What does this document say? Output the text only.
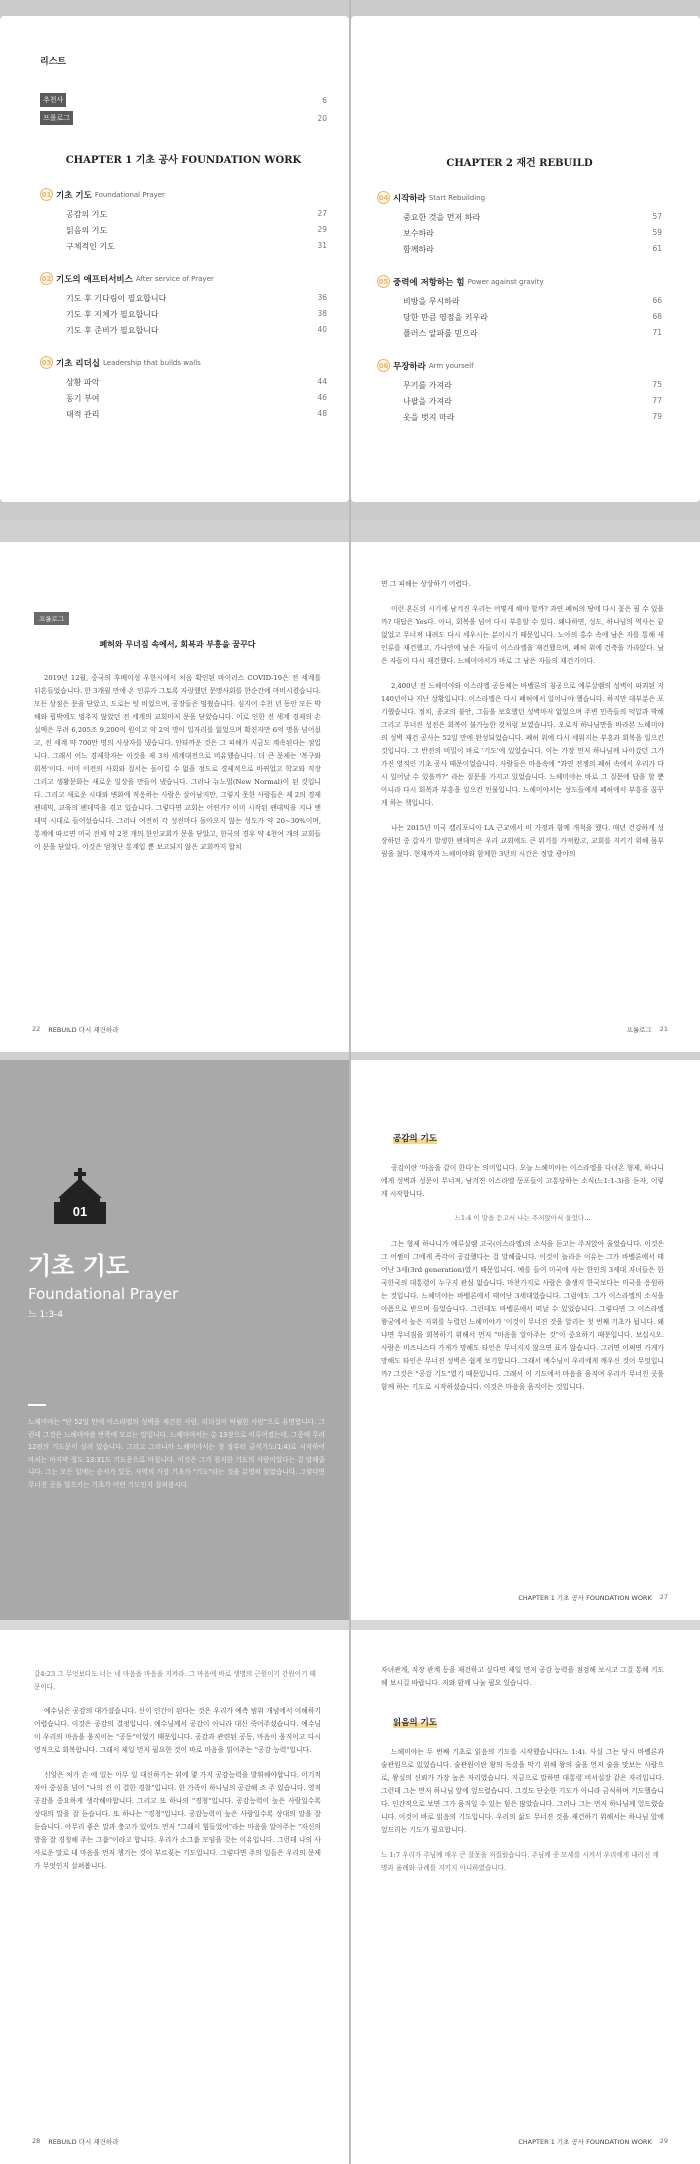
리스트
추천사	6
프롤로그	20
CHAPTER 1 기초 공사 FOUNDATION WORK
01 기초 기도 Foundational Prayer
공감의 기도	27
읽음의 기도	29
구체적인 기도	31
02 기도의 애프터서비스 After service of Prayer
기도 후 기다림이 필요합니다	36
기도 후 지체가 필요합니다	38
기도 후 준비가 필요합니다	40
03 기초 리더십 Leadership that builds walls
상황 파악	44
동기 부여	46
대적 관리	48
CHAPTER 2 재건 REBUILD
04 시작하라 Start Rebuilding
중요한 것을 먼저 하라	57
보수하라	59
함께하라	61
05 중력에 저항하는 힘 Power against gravity
비방을 무시하라	66
당한 만큼 영점을 키우라	68
플러스 알파를 믿으라	71
06 무장하라 Arm yourself
무기를 가져라	75
나팔을 가져라	77
옷을 벗지 마라	79
프롤로그
폐허와 무너짐 속에서, 회복과 부흥을 꿈꾸다

2019년 12월, 중국의 후베이성 우한시에서 처음 확인된 바이러스 COVID-19은 전 세계를 뒤흔들었습니다. 한 3개월 만에 온 인류가 그토록 자랑했던 문명사회를 한순간에 마비시켰습니다. 모든 상점은 문을 닫았고, 도로는 텅 비었으며, 공장들은 멈췄습니다. 심지어 수천 년 동안 모든 박해와 핍박에도 멈추지 않았던 전 세계의 교회마저 문을 닫았습니다. 이로 인한 전 세계 경제의 손실액은 무려 6,205조 9,200억 원이고 약 2억 명이 일자리를 잃었으며 확진자만 6억 명을 넘어섰고, 전 세계 약 700만 명의 사상자를 냈습니다. 안타까운 것은 그 피해가 지금도 계속된다는 점입니다. 그래서 어느 경제학자는 이것을 제 3차 세계대전으로 비유했습니다. 더 큰 문제는 '복구와 회복'이다. 이미 이전의 사회와 질서는 돌이킬 수 없을 정도로 경제적으로 바뀌었고 학교와 직장 그리고 생활문화는 새로운 일상을 만들어 냈습니다. 그러나 뉴노멀(New Normal)이 된 것입니다. 그리고 새로운 시대와 변화에 적응하는 사람은 살아남지만, 그렇지 못한 사람들은 제 2의 경제 팬데믹, 교육의 팬데믹을 겪고 있습니다. 그렇다면 교회는 어떤가? 이미 시작된 팬데믹을 지나 엔데믹 시대로 들어섰습니다. 그러나 여전히 각 성전마다 돌아오지 않는 성도가 약 20~30%이며, 통계에 따르면 미국 전체 약 2천 개의 한인교회가 문을 닫았고, 한국의 경우 약 4천여 개의 교회들이 문을 닫았다. 이것은 엄청난 통계입 뿐 보고되지 않은 교회까지 합치

22 REBUILD 다시 재건하라

면 그 피해는 상상하기 어렵다.

이런 혼돈의 시기에 남겨진 우리는 어떻게 해야 할까? 과연 폐허의 땅에 다시 꽃은 필 수 있을까? 대답은 Yes다. 아니, 회복을 넘어 다시 부흥할 수 있다. 왜냐하면, 성도, 하나님의 역사는 끝없었고 무너져 내려도 다시 세우시는 분이시기 때문입니다. 노아의 홍수 속에 남은 자를 통해 새 인류를 재건했고, 가나안에 남은 자들이 이스라엘을 재건했으며, 폐허 위에 건축을 가라앉다. 남은 자들이 다시 재건했다. 느헤미야서가 바로 그 남은 자들의 재건기이다.

2,400년 전 느헤미야와 이스라엘 공동체는 바벨론의 침공으로 예루살렘의 성벽이 파괴된 지 140년이나 지난 상황입니다. 이스라엘은 다시 폐허에서 일어나야 했습니다. 하지만 대부분은 포기했습니다. 정치, 종교의 불안, 그들을 보호했던 성벽마저 없었으며 주변 민족들의 억압과 박해 그리고 무너진 성전은 회복이 불가능한 것처럼 보였습니다. 오로지 하나님만을 바라본 느헤미야의 성벽 재건 공사는 52일 만에 완성되었습니다. 폐허 위에 다시 세워지는 부흥과 회복을 일으킨 것입니다. 그 반전의 비밀이 바로 '기도'에 있었습니다. 이는 가장 먼저 하나님께 나아갔던 그가 가진 영적인 기초 공사 때문이었습니다. 사람들은 마음속에 "과연 전쟁의 폐허 속에서 우리가 다시 일어날 수 있을까?" 라는 질문을 가지고 있었습니다. 느헤미야는 바로 그 질문에 답을 할 뿐 아니라 다시 회복과 부흥을 일으킨 인물입니다. 느헤미야서는 성도들에게 폐허에서 부흥을 꿈꾸게 하는 책입니다.

나는 2015년 미국 캘리포니아 LA 근교에서 비 가정과 함께 개척을 했다. 매년 건강하게 성장하던 중 갑자기 발생한 팬데믹은 우리 교회에도 큰 위기를 가져왔고, 교회를 지키기 위해 몸부림을 쳤다. 현재까지 느헤미야와 함께한 3년의 시간은 정말 광야의

프롤로그 21
01
기초 기도
Foundational Prayer
느 1:3-4

느헤미야는 "단 52일 만에 이스라엘의 성벽을 재건한 사람, 리더십이 탁월한 사람"으로 유명합니다. 그런데 그것은 느헤미야를 반쪽에 모르는 말입니다. 느헤미야서는 총 13장으로 이루어졌는데, 그중에 무려 12편의 기도문이 실려 있습니다. 그리고 그러니까 느헤미야서는 첫 장부터 금식기도(1:4)로 시작하여 마치는 마지막 절도 13:31도 기도문으로 마칩니다. 이것은 그가 철저한 기도의 사람이었다는 걸 말해줍니다. 그는 모든 일에는 순서가 있듯, 사역의 가장 기초가 "기도"라는 것을 분명히 알았습니다. 그렇다면 무너진 곳을 일으키는 기초가 어떤 기도인지 살펴봅시다.

공감의 기도

공감이란 '마음을 같이 한다'는 의미입니다. 오늘 느헤미야는 이스라엘을 다녀온 형제, 하나니에게 성벽과 성문이 무너져, 남겨진 이스라엘 동포들이 고통당하는 소식(느1:1-3)을 듣자, 이렇게 시작합니다.

느1:4 이 말을 듣고서 나는 주저앉아서 울었다...

그는 형제 하나니가 예루살렘 고국(이스라엘)의 소식을 듣고는 주저앉아 울었습니다. 이것은 그 어쩜이 그에게 즉각이 공감했다는 걸 말해줍니다. 이것이 놀라운 이유는 그가 바벨론에서 태어난 3세(3rd generation)였기 때문입니다. 예를 들어 미국에 사는 한인의 3세대 자녀들은 한국한국의 대통령이 누구지 관심 없습니다. 마찬가지로 사람은 출생지 한국보다는 미국을 응원하는 것입니다. 느헤미야는 바벨론에서 태어난 3세대였습니다. 그럼에도 그가 이스라엘의 소식을 아픔으로 받으며 들었습니다. 그런데도 바벨론에서 떠날 수 있었습니다. 그렇다면 그 이스라엘 왕궁에서 높은 지위를 누렸던 느헤미야가 '이것이 무너진 것을 알리는 첫 번째 기초가 됩니다. 왜냐면 무너짐을 회복하기 위해서 먼저 "마음을 알아주는 것"이 중요하기 때문입니다. 보십시오. 사람은 비즈니스다 가게가 망해도 타인은 무너지지 않으면 표가 않습니다. 그러면 어쩌면 가게가 망해도 타인은 무너진 성벽은 쉽게 보기합니다. 그래서 예수님이 우리에게 깨우신 것이 무엇입니까? 그것은 "공감 기도"였기 때문입니다. 그래서 이 기도에서 마음을 움직여 우리가 무너진 곳을 함께 하는 기도로 시작하셨습니다. 이것은 마음을 움직이는 것입니다.

CHAPTER 1 기초 공사 FOUNDATION WORK 27

갈4:23 그 무엇보다도 너는 네 마음을 마음을 지켜라. 그 마음에 바로 생명의 근원이기 간원이기 때문이다.

예수님은 공감의 대가셨습니다. 신이 인간이 된다는 것은 우리가 예측 범위 개념에서 이해하기 어렵습니다. 이것은 공감의 결정입니다. 예수님께서 공감이 아니라 대신 죽어주셨습니다. 예수님이 우리의 마음을 움직이는 "공동"이었기 때문입니다. 공감과 관련된 공동, 마음이 움직이고 다시 영적으로 회복합니다. 그래서 제일 먼저 필요한 것이 바로 마음을 읽어주는 "공감 능력"입니다.

신앙은 처가 손 에 있는 아무 일 대신하기는 위에 몇 가지 공감능력을 발휘해야합니다. 이기적 자아 중심을 넘어 "나의 전 이 결한 경찰"입니다. 한 가족이 하나님의 공감해 조 주 있습니다. 영적 공감을 중요하게 생각해야합니다. 그리고 또 하나의 "경청"입니다. 공감능력이 높은 사람일수록 상대의 말을 잘 듣습니다. 또 하나는 "경청"입니다. 공감능력이 높은 사람일수록 상대의 말을 잘 듣습니다. 아무리 좋은 말과 충고가 있어도 먼저 "그래서 힘들었어"라는 마음을 알아주는 "자신의 방을 잘 경청해 주는 그룹"이라고 합니다. 우리가 소그룹 모임을 갖는 이유입니다. 그런데 나의 사사로운 말로 내 마음을 먼저 챙기는 것이 부르짖는 기도입니다. 그렇다면 주의 일들은 우리의 문제가 무엇인지 살펴봅니다.

28 REBUILD 다시 재건하라

자녀관계, 직장 관계 등을 재건하고 싶다면 제일 먼저 공감 능력을 점검해 보시고 그걸 통해 기도해 보시길 바랍니다. 저와 함께 나눌 필요 있습니다.

읽음의 기도

느헤미야는 두 번째 기초로 읽음의 기도를 시작했습니다(느 1:4). 사실 그는 당시 바벨론과 술관원으로 있었습니다. 술관원이란 왕의 독살을 막기 위해 왕의 술을 먼저 술을 맛보는 사람으로, 왕실의 신뢰가 가장 높은 자리였습니다. 지금으로 말하면 대통령 비서실장 같은 자리입니다. 그런데 그는 먼저 하나님 앞에 엎드렸습니다. 그것도 단순한 기도가 아니라 금식하며 기도했습니다. 인간적으로 보면 그가 움직일 수 있는 힘은 많았습니다. 그러나 그는 먼저 하나님께 엎드렸습니다. 이것이 바로 읽음의 기도입니다. 우리의 삶도 무너진 것을 재건하기 위해서는 하나님 앞에 엎드리는 기도가 필요합니다.

느 1:7 우리가 주님께 매우 큰 잘못을 저질렀습니다. 주님께 종 모세를 시켜서 우리에게 내리신 계명과 율례와 규례를 지키지 아니하였습니다.

CHAPTER 1 기초 공사 FOUNDATION WORK 29
